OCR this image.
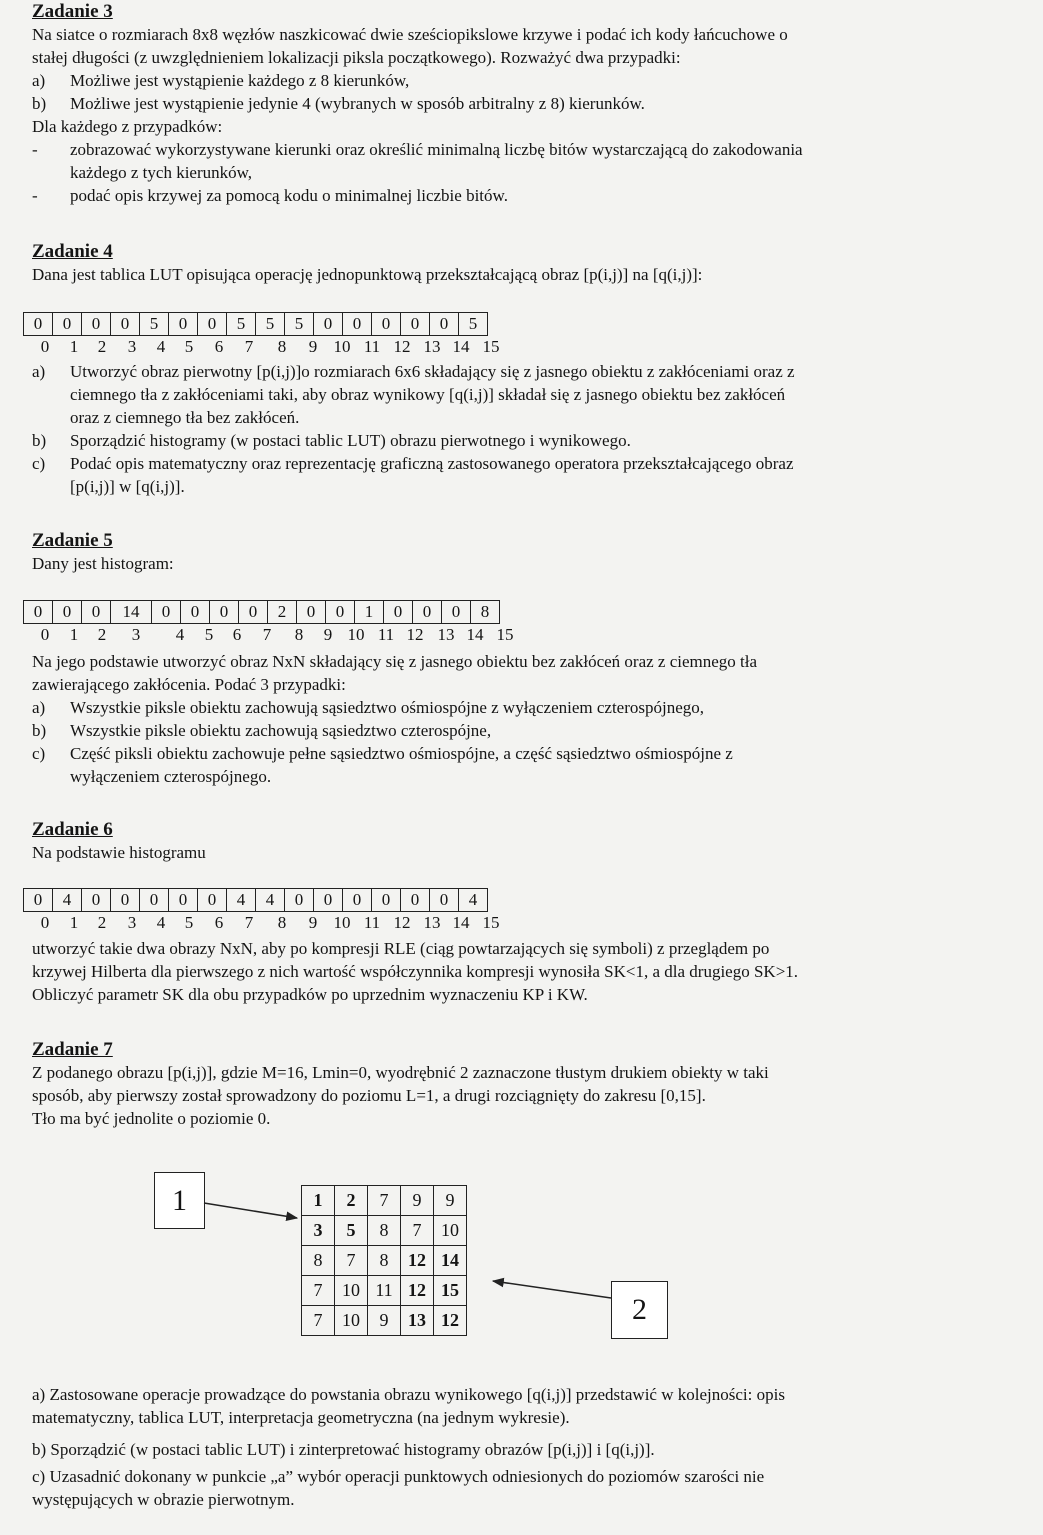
Zadanie 3
Na siatce o rozmiarach 8x8 węzłów naszkicować dwie sześciopikslowe krzywe i podać ich kody łańcuchowe o
stałej długości (z uwzględnieniem lokalizacji piksla początkowego). Rozważyć dwa przypadki:
a) Możliwe jest wystąpienie każdego z 8 kierunków,
b) Możliwe jest wystąpienie jedynie 4 (wybranych w sposób arbitralny z 8) kierunków.
Dla każdego z przypadków:
- zobrazować wykorzystywane kierunki oraz określić minimalną liczbę bitów wystarczającą do zakodowania
każdego z tych kierunków,
- podać opis krzywej za pomocą kodu o minimalnej liczbie bitów.
Zadanie 4
Dana jest tablica LUT opisująca operację jednopunktową przekształcającą obraz [p(i,j)] na [q(i,j)]:
0	0	0	0	5	0	0	5	5	5	0	0	0	0	0	5
0 1 2 3 4 5 6 7 8 9 10 11 12 13 14 15
a) Utworzyć obraz pierwotny [p(i,j)]o rozmiarach 6x6 składający się z jasnego obiektu z zakłóceniami oraz z
ciemnego tła z zakłóceniami taki, aby obraz wynikowy [q(i,j)] składał się z jasnego obiektu bez zakłóceń
oraz z ciemnego tła bez zakłóceń.
b) Sporządzić histogramy (w postaci tablic LUT) obrazu pierwotnego i wynikowego.
c) Podać opis matematyczny oraz reprezentację graficzną zastosowanego operatora przekształcającego obraz
[p(i,j)] w [q(i,j)].
Zadanie 5
Dany jest histogram:
0	0	0	14	0	0	0	0	2	0	0	1	0	0	0	8
0 1 2 3 4 5 6 7 8 9 10 11 12 13 14 15
Na jego podstawie utworzyć obraz NxN składający się z jasnego obiektu bez zakłóceń oraz z ciemnego tła
zawierającego zakłócenia. Podać 3 przypadki:
a) Wszystkie piksle obiektu zachowują sąsiedztwo ośmiospójne z wyłączeniem czterospójnego,
b) Wszystkie piksle obiektu zachowują sąsiedztwo czterospójne,
c) Część piksli obiektu zachowuje pełne sąsiedztwo ośmiospójne, a część sąsiedztwo ośmiospójne z
wyłączeniem czterospójnego.
Zadanie 6
Na podstawie histogramu
0	4	0	0	0	0	0	4	4	0	0	0	0	0	0	4
0 1 2 3 4 5 6 7 8 9 10 11 12 13 14 15
utworzyć takie dwa obrazy NxN, aby po kompresji RLE (ciąg powtarzających się symboli) z przeglądem po
krzywej Hilberta dla pierwszego z nich wartość współczynnika kompresji wynosiła SK<1, a dla drugiego SK>1.
Obliczyć parametr SK dla obu przypadków po uprzednim wyznaczeniu KP i KW.
Zadanie 7
Z podanego obrazu [p(i,j)], gdzie M=16, Lmin=0, wyodrębnić 2 zaznaczone tłustym drukiem obiekty w taki
sposób, aby pierwszy został sprowadzony do poziomu L=1, a drugi rozciągnięty do zakresu [0,15].
Tło ma być jednolite o poziomie 0.
1
2
1	2	7	9	9
3	5	8	7	10
8	7	8	12	14
7	10	11	12	15
7	10	9	13	12
a) Zastosowane operacje prowadzące do powstania obrazu wynikowego [q(i,j)] przedstawić w kolejności: opis
matematyczny, tablica LUT, interpretacja geometryczna (na jednym wykresie).
b) Sporządzić (w postaci tablic LUT) i zinterpretować histogramy obrazów [p(i,j)] i [q(i,j)].
c) Uzasadnić dokonany w punkcie „a” wybór operacji punktowych odniesionych do poziomów szarości nie
występujących w obrazie pierwotnym.
